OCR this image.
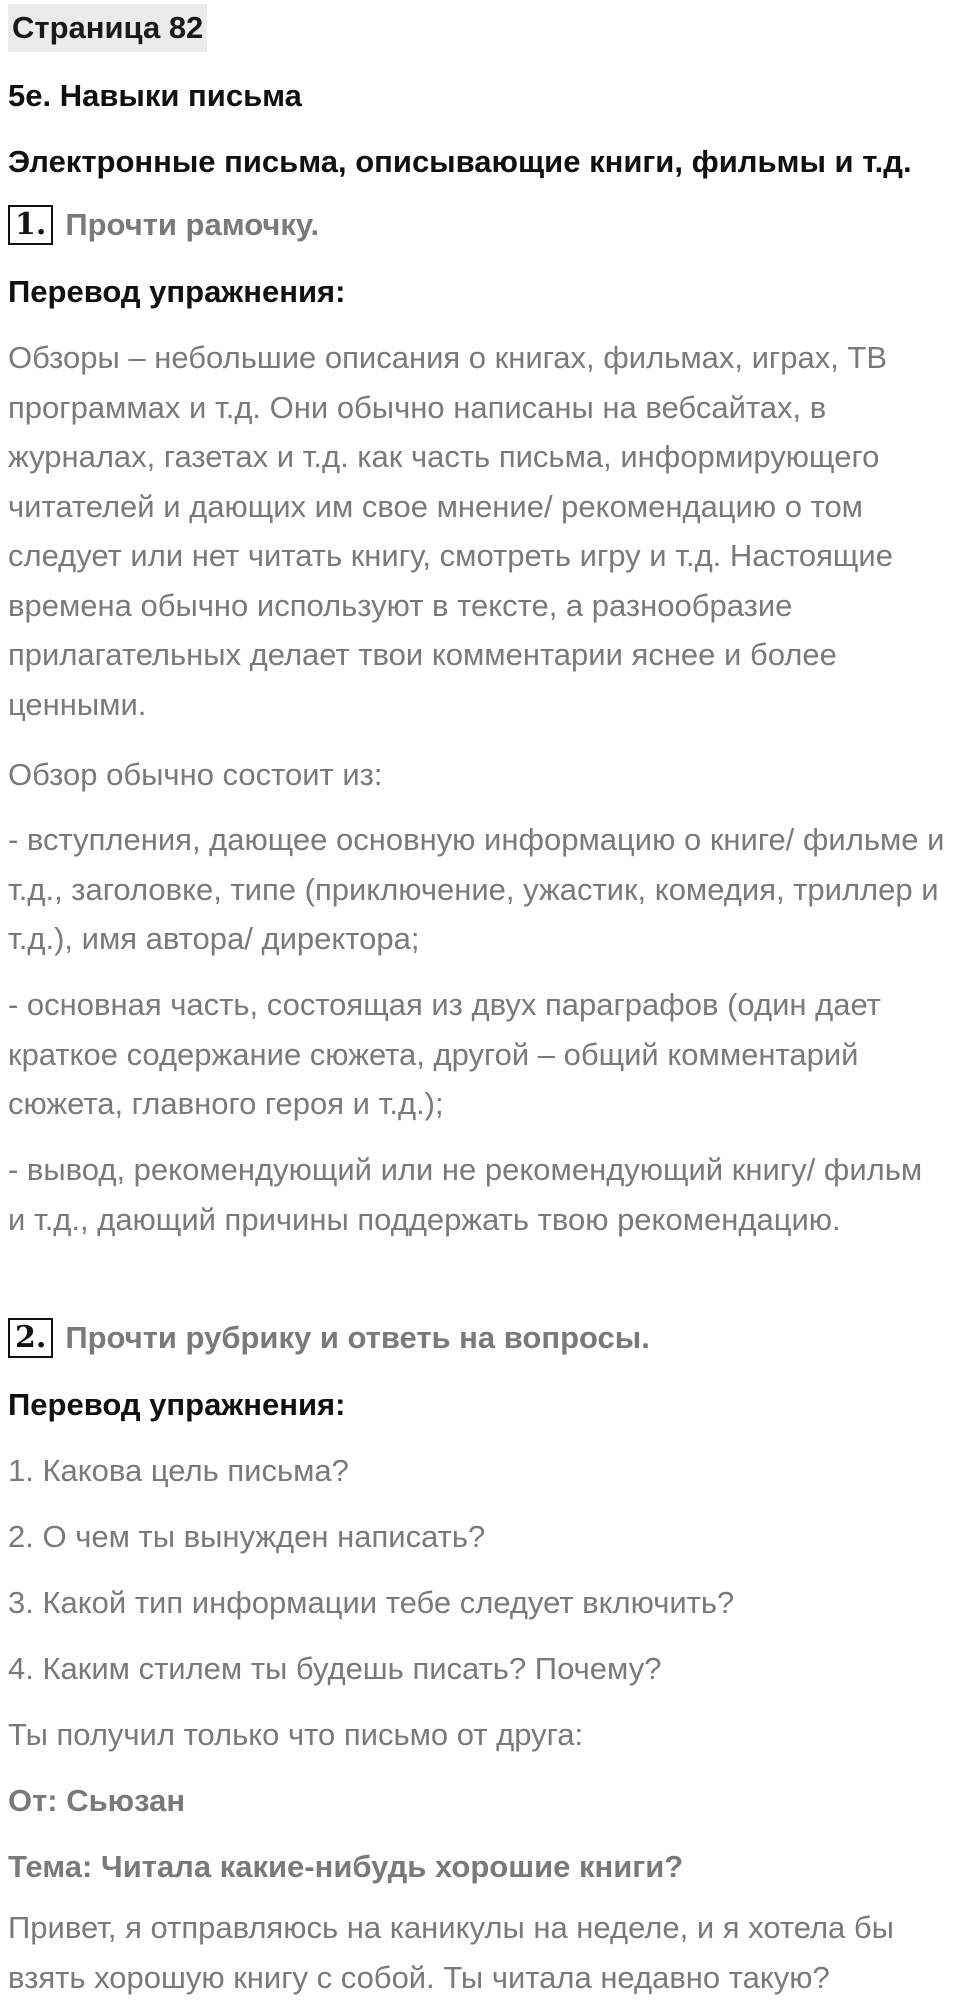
Страница 82
5e. Навыки письма
Электронные письма, описывающие книги, фильмы и т.д.
1. Прочти рамочку.
Перевод упражнения:

Обзоры – небольшие описания о книгах, фильмах, играх, ТВ программах и т.д. Они обычно написаны на вебсайтах, в журналах, газетах и т.д. как часть письма, информирующего читателей и дающих им свое мнение/ рекомендацию о том следует или нет читать книгу, смотреть игру и т.д. Настоящие времена обычно используют в тексте, а разнообразие прилагательных делает твои комментарии яснее и более ценными.

Обзор обычно состоит из:

- вступления, дающее основную информацию о книге/ фильме и т.д., заголовке, типе (приключение, ужастик, комедия, триллер и т.д.), имя автора/ директора;

- основная часть, состоящая из двух параграфов (один дает краткое содержание сюжета, другой – общий комментарий сюжета, главного героя и т.д.);

- вывод, рекомендующий или не рекомендующий книгу/ фильм и т.д., дающий причины поддержать твою рекомендацию.

2. Прочти рубрику и ответь на вопросы.
Перевод упражнения:

1. Какова цель письма?

2. О чем ты вынужден написать?

3. Какой тип информации тебе следует включить?

4. Каким стилем ты будешь писать? Почему?

Ты получил только что письмо от друга:

От: Сьюзан

Тема: Читала какие-нибудь хорошие книги?

Привет, я отправляюсь на каникулы на неделе, и я хотела бы взять хорошую книгу с собой. Ты читала недавно такую?
